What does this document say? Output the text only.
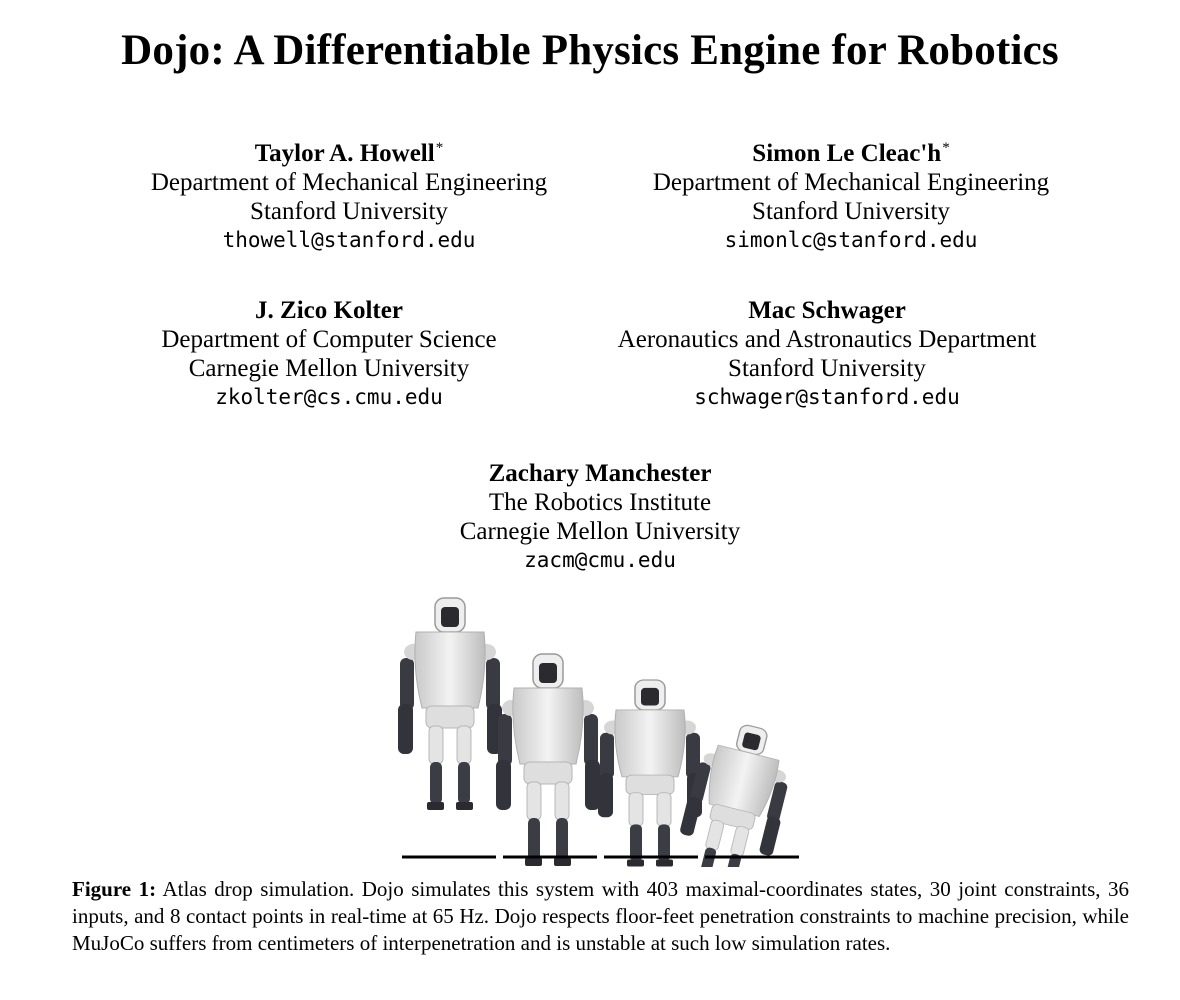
Dojo: A Differentiable Physics Engine for Robotics
Taylor A. Howell*
Department of Mechanical Engineering
Stanford University
thowell@stanford.edu
Simon Le Cleac'h*
Department of Mechanical Engineering
Stanford University
simonlc@stanford.edu
J. Zico Kolter
Department of Computer Science
Carnegie Mellon University
zkolter@cs.cmu.edu
Mac Schwager
Aeronautics and Astronautics Department
Stanford University
schwager@stanford.edu
Zachary Manchester
The Robotics Institute
Carnegie Mellon University
zacm@cmu.edu
Figure 1: Atlas drop simulation. Dojo simulates this system with 403 maximal-coordinates states, 30 joint constraints, 36 inputs, and 8 contact points in real-time at 65 Hz. Dojo respects floor-feet penetration constraints to machine precision, while MuJoCo suffers from centimeters of interpenetration and is unstable at such low simulation rates.
